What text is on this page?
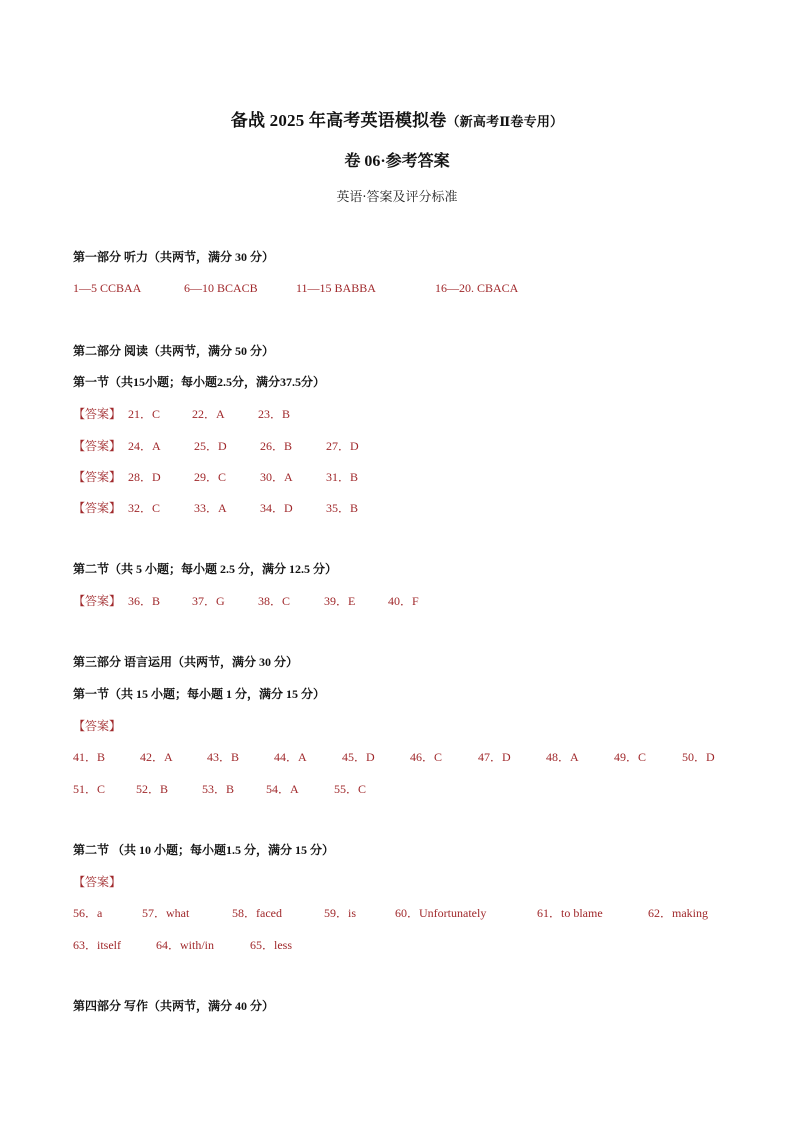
备战 2025 年高考英语模拟卷（新高考Ⅱ卷专用）
卷 06·参考答案
英语·答案及评分标准
第一部分 听力（共两节，满分 30 分）
1—5 CCBAA	6—10 BCACB	11—15 BABBA	16—20. CBACA
第二部分 阅读（共两节，满分 50 分）
第一节（共15小题；每小题2.5分，满分37.5分）
【答案】 21．C	22．A	23．B
【答案】 24．A	25．D	26．B	27．D
【答案】 28．D	29．C	30．A	31．B
【答案】 32．C	33．A	34．D	35．B
第二节（共 5 小题；每小题 2.5 分，满分 12.5 分）
【答案】 36．B	37．G	38．C	39．E	40．F
第三部分 语言运用（共两节，满分 30 分）
第一节（共 15 小题；每小题 1 分，满分 15 分）
【答案】
41．B	42．A	43．B	44．A	45．D	46．C	47．D	48．A	49．C	50．D
51．C	52．B	53．B	54．A	55．C
第二节 （共 10 小题；每小题1.5 分，满分 15 分）
【答案】
56．a	57．what	58．faced	59．is	60．Unfortunately	61．to blame	62．making
63．itself	64．with/in	65．less
第四部分 写作（共两节，满分 40 分）
